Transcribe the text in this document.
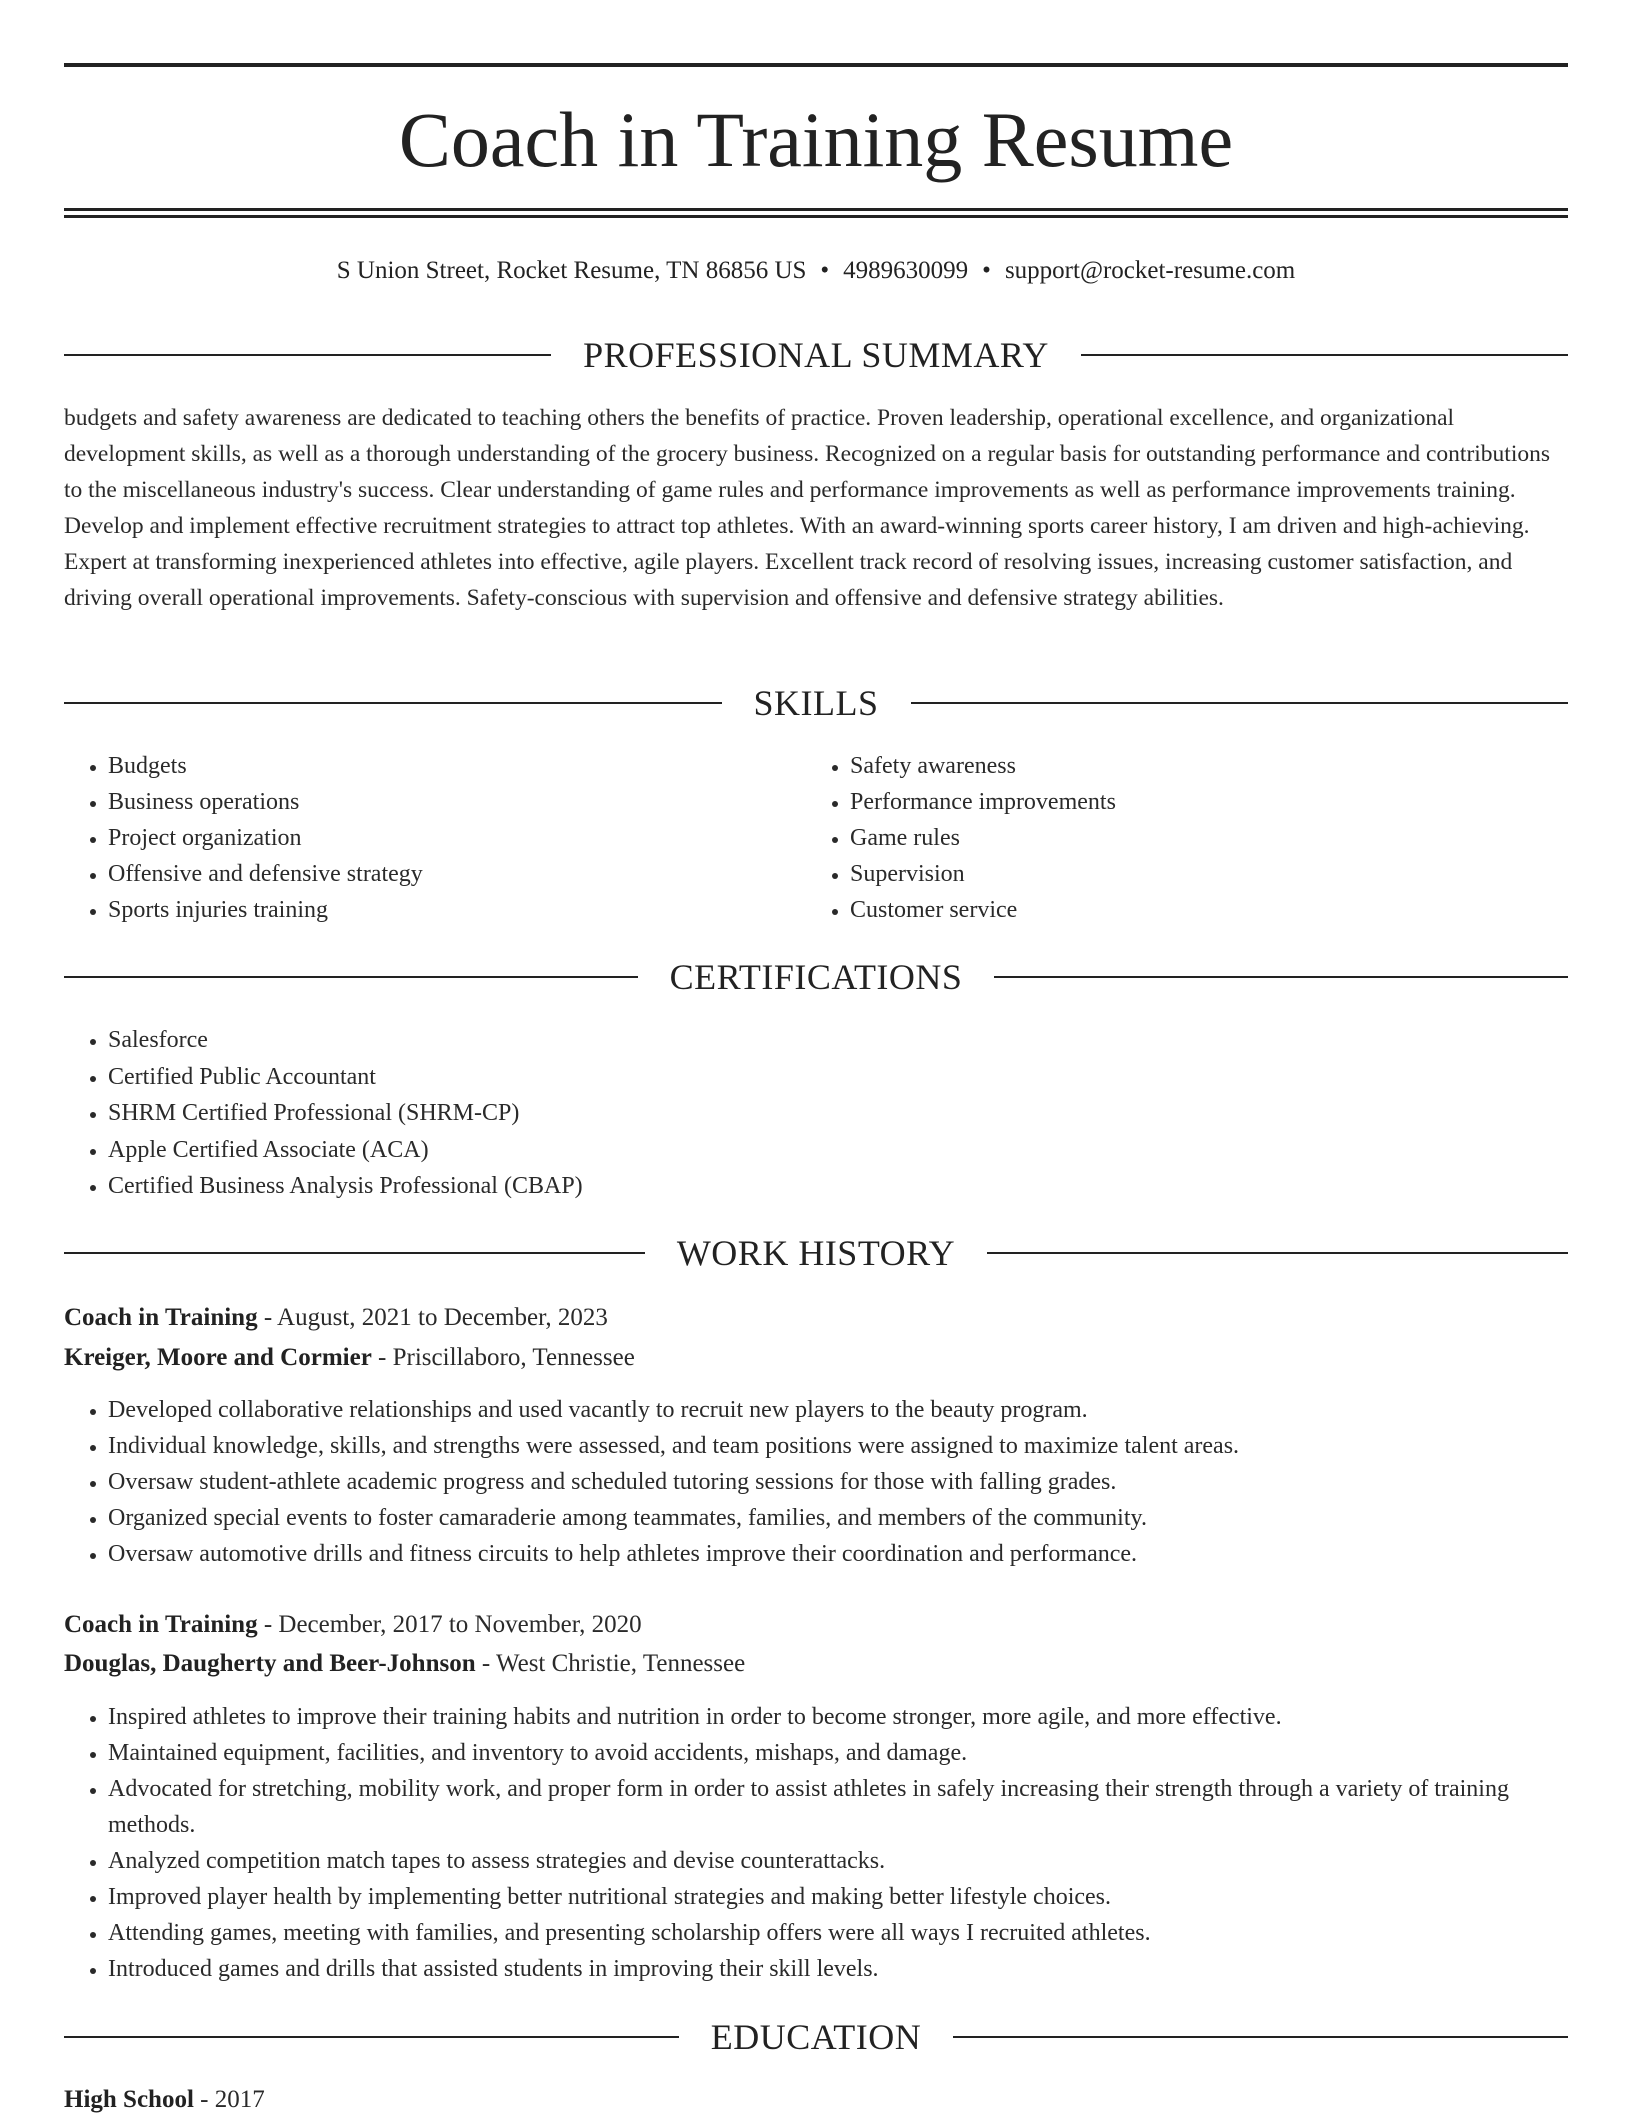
Coach in Training Resume
S Union Street, Rocket Resume, TN 86856 US • 4989630099 • support@rocket-resume.com
PROFESSIONAL SUMMARY

budgets and safety awareness are dedicated to teaching others the benefits of practice. Proven leadership, operational excellence, and organizational development skills, as well as a thorough understanding of the grocery business. Recognized on a regular basis for outstanding performance and contributions to the miscellaneous industry's success. Clear understanding of game rules and performance improvements as well as performance improvements training. Develop and implement effective recruitment strategies to attract top athletes. With an award-winning sports career history, I am driven and high-achieving. Expert at transforming inexperienced athletes into effective, agile players. Excellent track record of resolving issues, increasing customer satisfaction, and driving overall operational improvements. Safety-conscious with supervision and offensive and defensive strategy abilities.

SKILLS
• Budgets
• Business operations
• Project organization
• Offensive and defensive strategy
• Sports injuries training
• Safety awareness
• Performance improvements
• Game rules
• Supervision
• Customer service
CERTIFICATIONS
• Salesforce
• Certified Public Accountant
• SHRM Certified Professional (SHRM-CP)
• Apple Certified Associate (ACA)
• Certified Business Analysis Professional (CBAP)
WORK HISTORY
Coach in Training - August, 2021 to December, 2023
Kreiger, Moore and Cormier - Priscillaboro, Tennessee
• Developed collaborative relationships and used vacantly to recruit new players to the beauty program.
• Individual knowledge, skills, and strengths were assessed, and team positions were assigned to maximize talent areas.
• Oversaw student-athlete academic progress and scheduled tutoring sessions for those with falling grades.
• Organized special events to foster camaraderie among teammates, families, and members of the community.
• Oversaw automotive drills and fitness circuits to help athletes improve their coordination and performance.
Coach in Training - December, 2017 to November, 2020
Douglas, Daugherty and Beer-Johnson - West Christie, Tennessee
• Inspired athletes to improve their training habits and nutrition in order to become stronger, more agile, and more effective.
• Maintained equipment, facilities, and inventory to avoid accidents, mishaps, and damage.
• Advocated for stretching, mobility work, and proper form in order to assist athletes in safely increasing their strength through a variety of training methods.
• Analyzed competition match tapes to assess strategies and devise counterattacks.
• Improved player health by implementing better nutritional strategies and making better lifestyle choices.
• Attending games, meeting with families, and presenting scholarship offers were all ways I recruited athletes.
• Introduced games and drills that assisted students in improving their skill levels.
EDUCATION
High School - 2017
